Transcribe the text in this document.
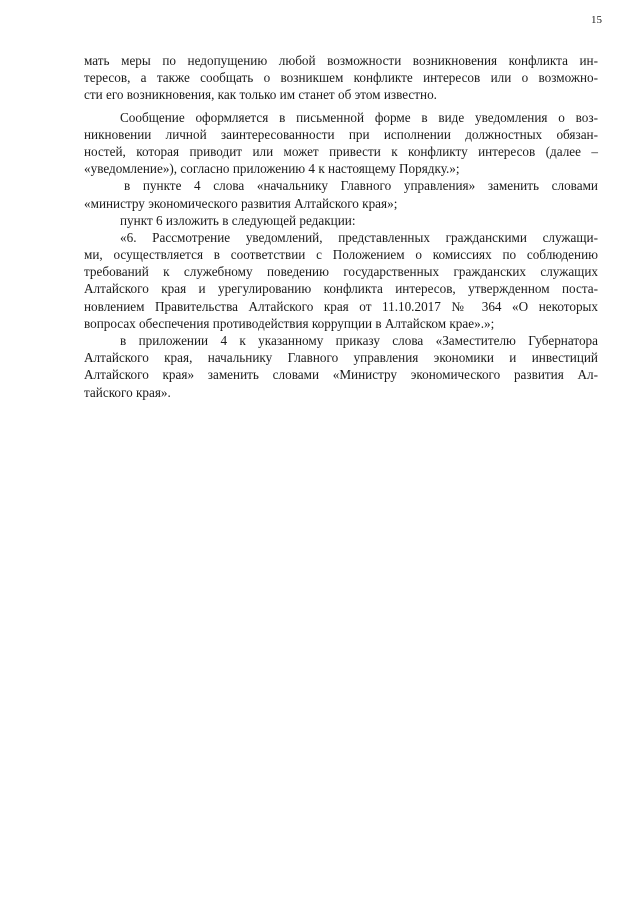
15
мать меры по недопущению любой возможности возникновения конфликта ин-
тересов, а также сообщать о возникшем конфликте интересов или о возможно-
сти его возникновения, как только им станет об этом известно.
Сообщение оформляется в письменной форме в виде уведомления о воз-
никновении личной заинтересованности при исполнении должностных обязан-
ностей, которая приводит или может привести к конфликту интересов (далее –
«уведомление»), согласно приложению 4 к настоящему Порядку.»;
в пункте 4 слова «начальнику Главного управления» заменить словами
«министру экономического развития Алтайского края»;
пункт 6 изложить в следующей редакции:
«6. Рассмотрение уведомлений, представленных гражданскими служащи-
ми, осуществляется в соответствии с Положением о комиссиях по соблюдению
требований к служебному поведению государственных гражданских служащих
Алтайского края и урегулированию конфликта интересов, утвержденном поста-
новлением Правительства Алтайского края от 11.10.2017 № 364 «О некоторых
вопросах обеспечения противодействия коррупции в Алтайском крае».»;
в приложении 4 к указанному приказу слова «Заместителю Губернатора
Алтайского края, начальнику Главного управления экономики и инвестиций
Алтайского края» заменить словами «Министру экономического развития Ал-
тайского края».
